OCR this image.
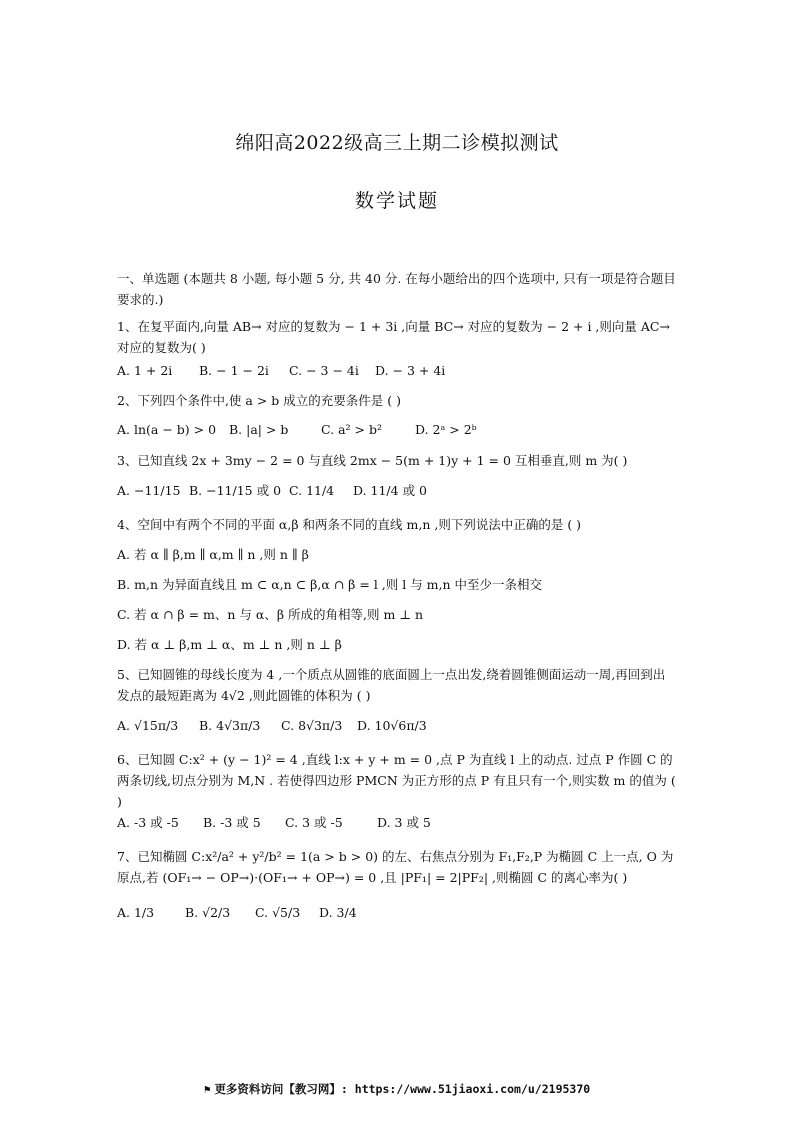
绵阳高2022级高三上期二诊模拟测试
数学试题
一、单选题 (本题共 8 小题, 每小题 5 分, 共 40 分. 在每小题给出的四个选项中, 只有一项是符合题目要求的.)
1、在复平面内,向量 AB→ 对应的复数为 − 1 + 3i ,向量 BC→ 对应的复数为 − 2 + i ,则向量 AC→ 对应的复数为( )
A. 1 + 2i B. − 1 − 2i C. − 3 − 4i D. − 3 + 4i
2、下列四个条件中,使 a > b 成立的充要条件是 ( )
A. ln(a − b) > 0 B. |a| > b	C. a² > b²	D. 2ᵃ > 2ᵇ
3、已知直线 2x + 3my − 2 = 0 与直线 2mx − 5(m + 1)y + 1 = 0 互相垂直,则 m 为( )
A. −11/15 B. −11/15 或 0 C. 11/4 D. 11/4 或 0
4、空间中有两个不同的平面 α,β 和两条不同的直线 m,n ,则下列说法中正确的是 ( )
A. 若 α ∥ β,m ∥ α,m ∥ n ,则 n ∥ β
B. m,n 为异面直线且 m ⊂ α,n ⊂ β,α ∩ β = l ,则 l 与 m,n 中至少一条相交
C. 若 α ∩ β = m、n 与 α、β 所成的角相等,则 m ⊥ n
D. 若 α ⊥ β,m ⊥ α、m ⊥ n ,则 n ⊥ β
5、已知圆锥的母线长度为 4 ,一个质点从圆锥的底面圆上一点出发,绕着圆锥侧面运动一周,再回到出发点的最短距离为 4√2 ,则此圆锥的体积为 ( )
A. √15π/3 B. 4√3π/3 C. 8√3π/3 D. 10√6π/3
6、已知圆 C:x² + (y − 1)² = 4 ,直线 l:x + y + m = 0 ,点 P 为直线 l 上的动点. 过点 P 作圆 C 的两条切线,切点分别为 M,N . 若使得四边形 PMCN 为正方形的点 P 有且只有一个,则实数 m 的值为 ( )
A. -3 或 -5 B. -3 或 5 C. 3 或 -5	D. 3 或 5
7、已知椭圆 C:x²/a² + y²/b² = 1(a > b > 0) 的左、右焦点分别为 F₁,F₂,P 为椭圆 C 上一点, O 为原点,若 (OF₁→ − OP→)·(OF₁→ + OP→) = 0 ,且 |PF₁| = 2|PF₂| ,则椭圆 C 的离心率为( )
A. 1/3 B. √2/3 C. √5/3 D. 3/4
⚑ 更多资料访问【教习网】: https://www.51jiaoxi.com/u/2195370
